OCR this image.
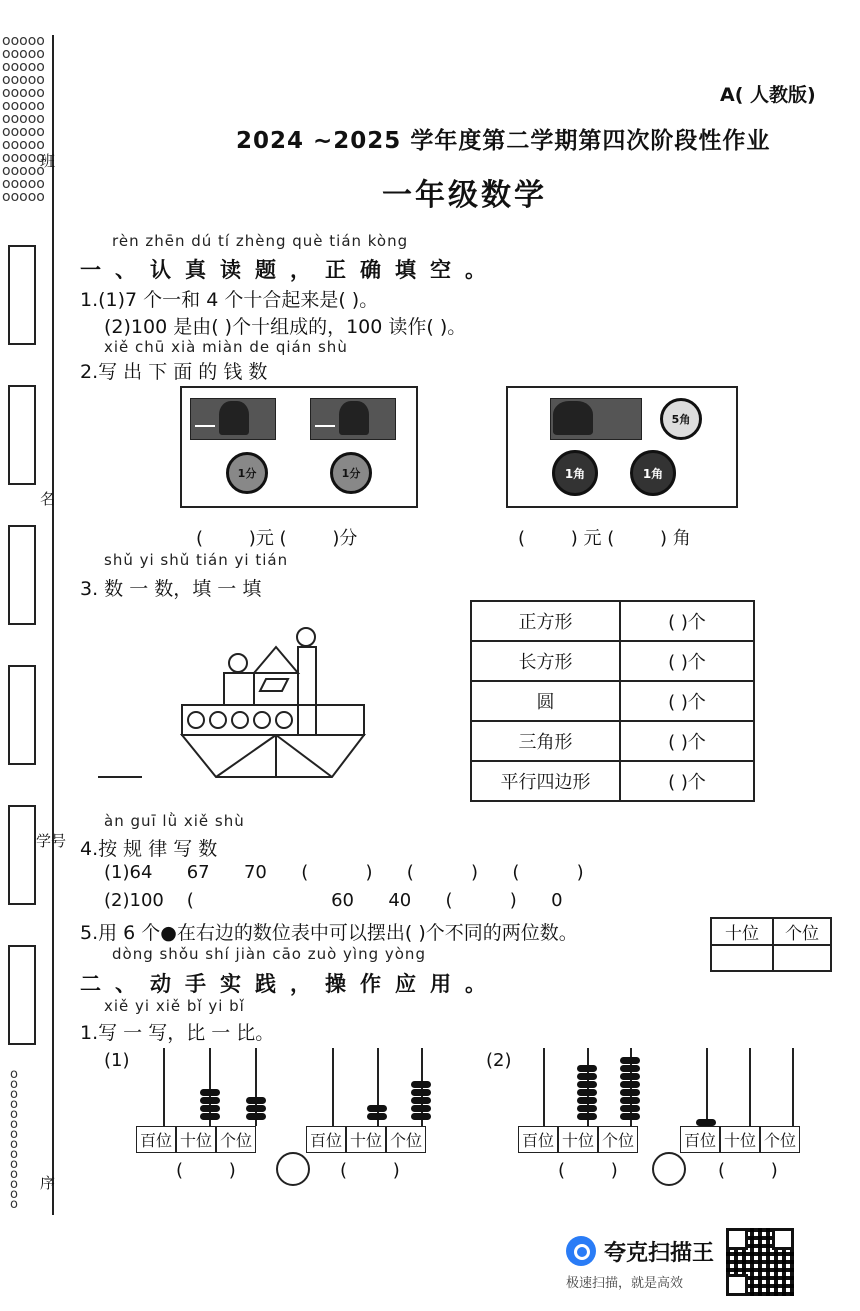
ooooo ooooo ooooo ooooo ooooo ooooo ooooo ooooo ooooo ooooo ooooo ooooo ooooo
o o o o o o o o o o o o o o
班
名
学号
序
A( 人教版)
2024 ~2025 学年度第二学期第四次阶段性作业
一年级数学
rèn zhēn dú tí zhèng què tián kòng
一、认真读题，正确填空。
1.(1)7 个一和 4 个十合起来是( )。
(2)100 是由( )个十组成的，100 读作( )。
xiě chū xià miàn de qián shù
2.写 出 下 面 的 钱 数
1分	1分
5角
1角	1角
(        )元 (        )分	(        ) 元 (        ) 角
shǔ yi shǔ tián yi tián
3. 数 一 数，填 一 填
正方形	( )个
长方形	( )个
圆	( )个
三角形	( )个
平行四边形	( )个
àn guī lǜ xiě shù
4.按 规 律 写 数
(1)64      67      70      (          )      (          )      (          )
(2)100    (                        60      40      (          )      0
5.用 6 个●在右边的数位表中可以摆出( )个不同的两位数。	十位	个位
dòng shǒu shí jiàn cāo zuò yìng yòng
二、动手实践，操作应用。
xiě yi xiě bǐ yi bǐ
1.写 一 写，比 一 比。
(1)	(2)
百位 十位 个位	百位 十位 个位	百位 十位 个位	百位 十位 个位
(        )	(        )	(        )	(        )
夸克扫描王
极速扫描，就是高效
